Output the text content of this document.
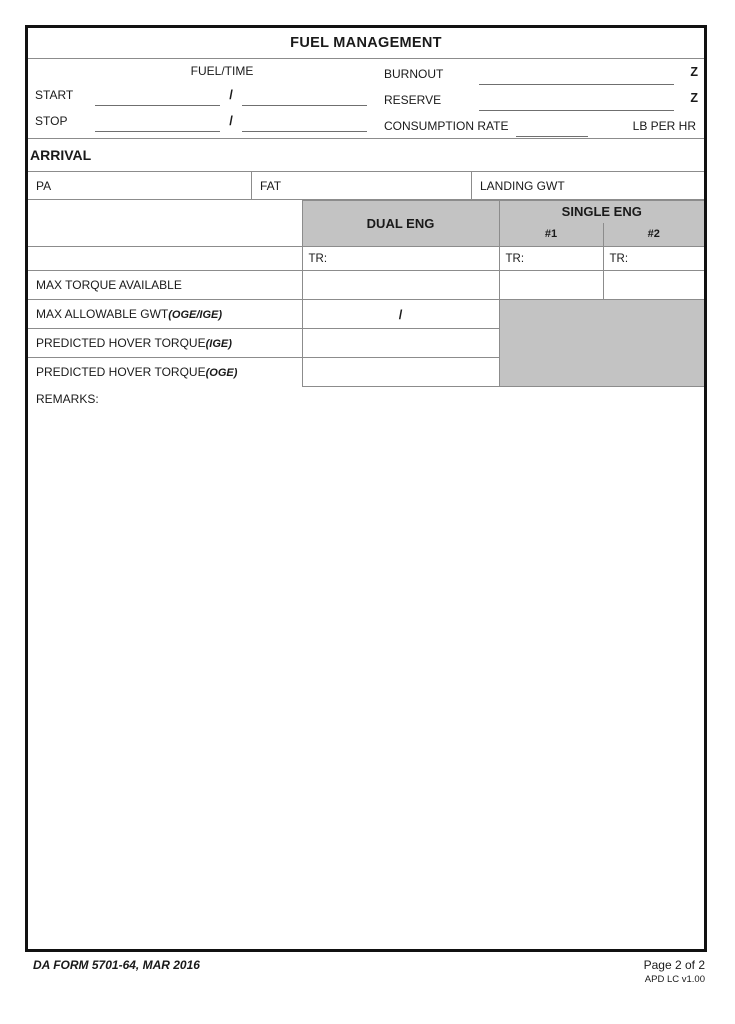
FUEL MANAGEMENT
FUEL/TIME
START	/
STOP	/
BURNOUT	Z
RESERVE	Z
CONSUMPTION RATE	LB PER HR
ARRIVAL
PA	FAT	LANDING GWT
	DUAL ENG	SINGLE ENG	
		#1	#2
	TR:	TR:	TR:
MAX TORQUE AVAILABLE			
MAX ALLOWABLE GWT(OGE/IGE)	/		
PREDICTED HOVER TORQUE(IGE)			
PREDICTED HOVER TORQUE(OGE)			
REMARKS:
DA FORM 5701-64, MAR 2016	Page 2 of 2
APD LC v1.00
